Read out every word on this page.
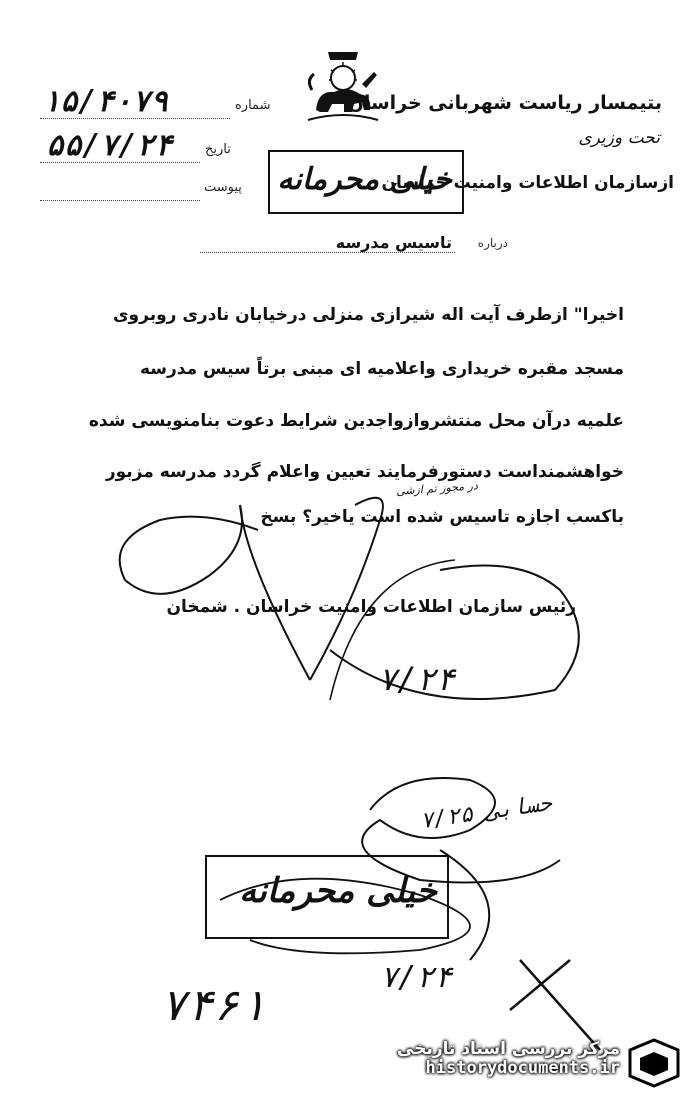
بتیمسار ریاست شهربانی خراسان
تحت وزیری
ازسازمان اطلاعات وامنیت خراسان
شماره
۱۵/۴۰۷۹
تاریخ
۵۵/۷/۲۴
پیوست خیلی محرمانه
درباره
تاسیس مدرسه
اخیرا" ازطرف آیت اله شیرازی منزلی درخیابان نادری روبروی
مسجد مقبره خریداری واعلامیه ای مبنی برتاً سیس مدرسه
علمیه درآن محل منتشروازواجدین شرایط دعوت بنامنویسی شده
خواهشمنداست دستورفرمایند تعیین واعلام گردد مدرسه مزبور
در مجوز تم ازشی
باکسب اجازه تاسیس شده است یاخیر؟ بسخ
رئیس سازمان اطلاعات وامنیت خراسان . شمخان
۷/۲۴
حسابی ۷/۲۵
خیلی محرمانه
۷۴۶۱
۷/۲۴
مرکز بررسی اسناد تاریخی
historydocuments.ir
